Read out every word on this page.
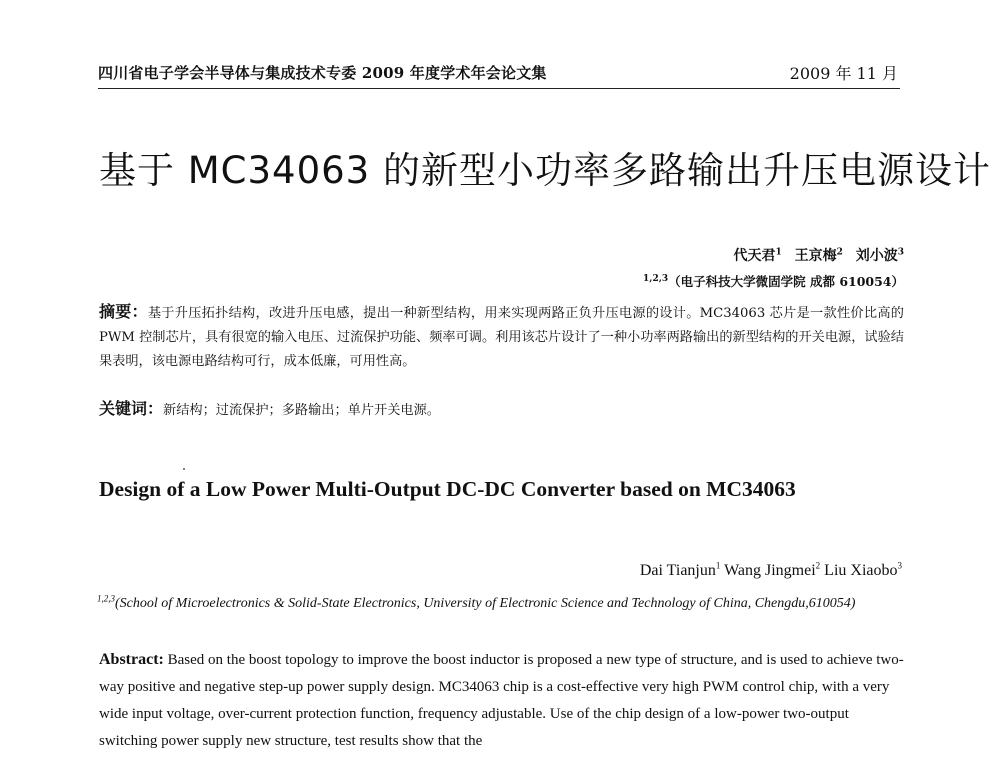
四川省电子学会半导体与集成技术专委 2009 年度学术年会论文集	2009 年 11 月
基于 MC34063 的新型小功率多路输出升压电源设计
代天君$^1$ 王京梅$^2$ 刘小波$^3$
$^{1,2,3}$（电子科技大学微固学院 成都 610054）
摘要：基于升压拓扑结构，改进升压电感，提出一种新型结构，用来实现两路正负升压电源的设计。MC34063 芯片是一款性价比高的 PWM 控制芯片，具有很宽的输入电压、过流保护功能、频率可调。利用该芯片设计了一种小功率两路输出的新型结构的开关电源，试验结果表明，该电源电路结构可行，成本低廉，可用性高。
关键词：新结构；过流保护；多路输出；单片开关电源。
Design of a Low Power Multi-Output DC-DC Converter based on MC34063
Dai Tianjun$^1$ Wang Jingmei$^2$ Liu Xiaobo$^3$
$^{1,2,3}$(School of Microelectronics & Solid-State Electronics, University of Electronic Science and Technology of China, Chengdu,610054)
Abstract: Based on the boost topology to improve the boost inductor is proposed a new type of structure, and is used to achieve two-way positive and negative step-up power supply design. MC34063 chip is a cost-effective very high PWM control chip, with a very wide input voltage, over-current protection function, frequency adjustable. Use of the chip design of a low-power two-output switching power supply new structure, test results show that the
